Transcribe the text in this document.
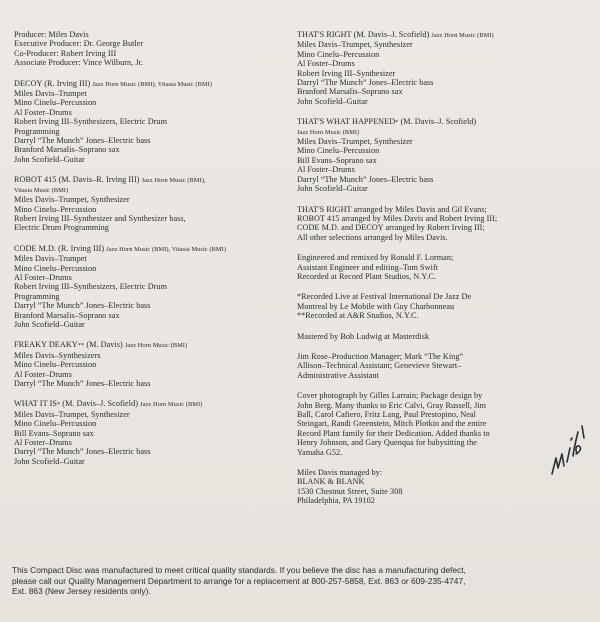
Producer: Miles Davis
Executive Producer: Dr. George Butler
Co-Producer: Robert Irving III
Associate Producer: Vince Wilburn, Jr.
DECOY (R. Irving III) Jazz Horn Music (BMI), Vitasia Music (BMI)
Miles Davis–Trumpet
Mino Cinelu–Percussion
Al Foster–Drums
Robert Irving III–Synthesizers, Electric Drum
Programming
Darryl “The Munch” Jones–Electric bass
Branford Marsalis–Soprano sax
John Scofield–Guitar
ROBOT 415 (M. Davis–R. Irving III) Jazz Horn Music (BMI),
Vitasia Music (BMI)
Miles Davis–Trumpet, Synthesizer
Mino Cinelu–Percussion
Robert Irving III–Synthesizer and Synthesizer bass,
Electric Drum Programming
CODE M.D. (R. Irving III) Jazz Horn Music (BMI), Vitasia Music (BMI)
Miles Davis–Trumpet
Mino Cinelu–Percussion
Al Foster–Drums
Robert Irving III–Synthesizers, Electric Drum
Programming
Darryl “The Munch” Jones–Electric bass
Branford Marsalis–Soprano sax
John Scofield–Guitar
FREAKY DEAKY** (M. Davis) Jazz Horn Music (BMI)
Miles Davis–Synthesizers
Mino Cinelu–Percussion
Al Foster–Drums
Darryl “The Munch” Jones–Electric bass
WHAT IT IS* (M. Davis–J. Scofield) Jazz Horn Music (BMI)
Miles Davis–Trumpet, Synthesizer
Mino Cinelu–Percussion
Bill Evans–Soprano sax
Al Foster–Drums
Darryl “The Munch” Jones–Electric bass
John Scofield–Guitar
THAT'S RIGHT (M. Davis–J. Scofield) Jazz Horn Music (BMI)
Miles Davis–Trumpet, Synthesizer
Mino Cinelu–Percussion
Al Foster–Drums
Robert Irving III–Synthesizer
Darryl “The Munch” Jones–Electric bass
Branford Marsalis–Soprano sax
John Scofield–Guitar
THAT'S WHAT HAPPENED* (M. Davis–J. Scofield)
Jazz Horn Music (BMI)
Miles Davis–Trumpet, Synthesizer
Mino Cinelu–Percussion
Bill Evans–Soprano sax
Al Foster–Drums
Darryl “The Munch” Jones–Electric bass
John Scofield–Guitar
THAT'S RIGHT arranged by Miles Davis and Gil Evans;
ROBOT 415 arranged by Miles Davis and Robert Irving III;
CODE M.D. and DECOY arranged by Robert Irving III;
All other selections arranged by Miles Davis.
Engineered and remixed by Ronald F. Lorman;
Assistant Engineer and editing–Tom Swift
Recorded at Record Plant Studios, N.Y.C.
*Recorded Live at Festival International De Jazz De
Montreal by Le Mobile with Guy Charbonneau
**Recorded at A&R Studios, N.Y.C.
Mastered by Bob Ludwig at Masterdisk
Jim Rose–Production Manager; Mark “The King”
Allison–Technical Assistant; Genevieve Stewart–
Administrative Assistant
Cover photograph by Gilles Larrain; Package design by
John Berg. Many thanks to Eric Calvi, Gray Russell, Jim
Ball, Carol Cafiero, Fritz Lang, Paul Prestopino, Neal
Steingart, Randi Greenstein, Mitch Plotkin and the entire
Record Plant family for their Dedication. Added thanks to
Henry Johnson, and Gary Quenqua for babysitting the
Yamaha G52.
Miles Davis managed by:
BLANK & BLANK
1530 Chestnut Street, Suite 308
Philadelphia, PA 19102
This Compact Disc was manufactured to meet critical quality standards. If you believe the disc has a manufacturing defect,
please call our Quality Management Department to arrange for a replacement at 800-257-5858, Ext. 863 or 609-235-4747,
Ext. 863 (New Jersey residents only).
